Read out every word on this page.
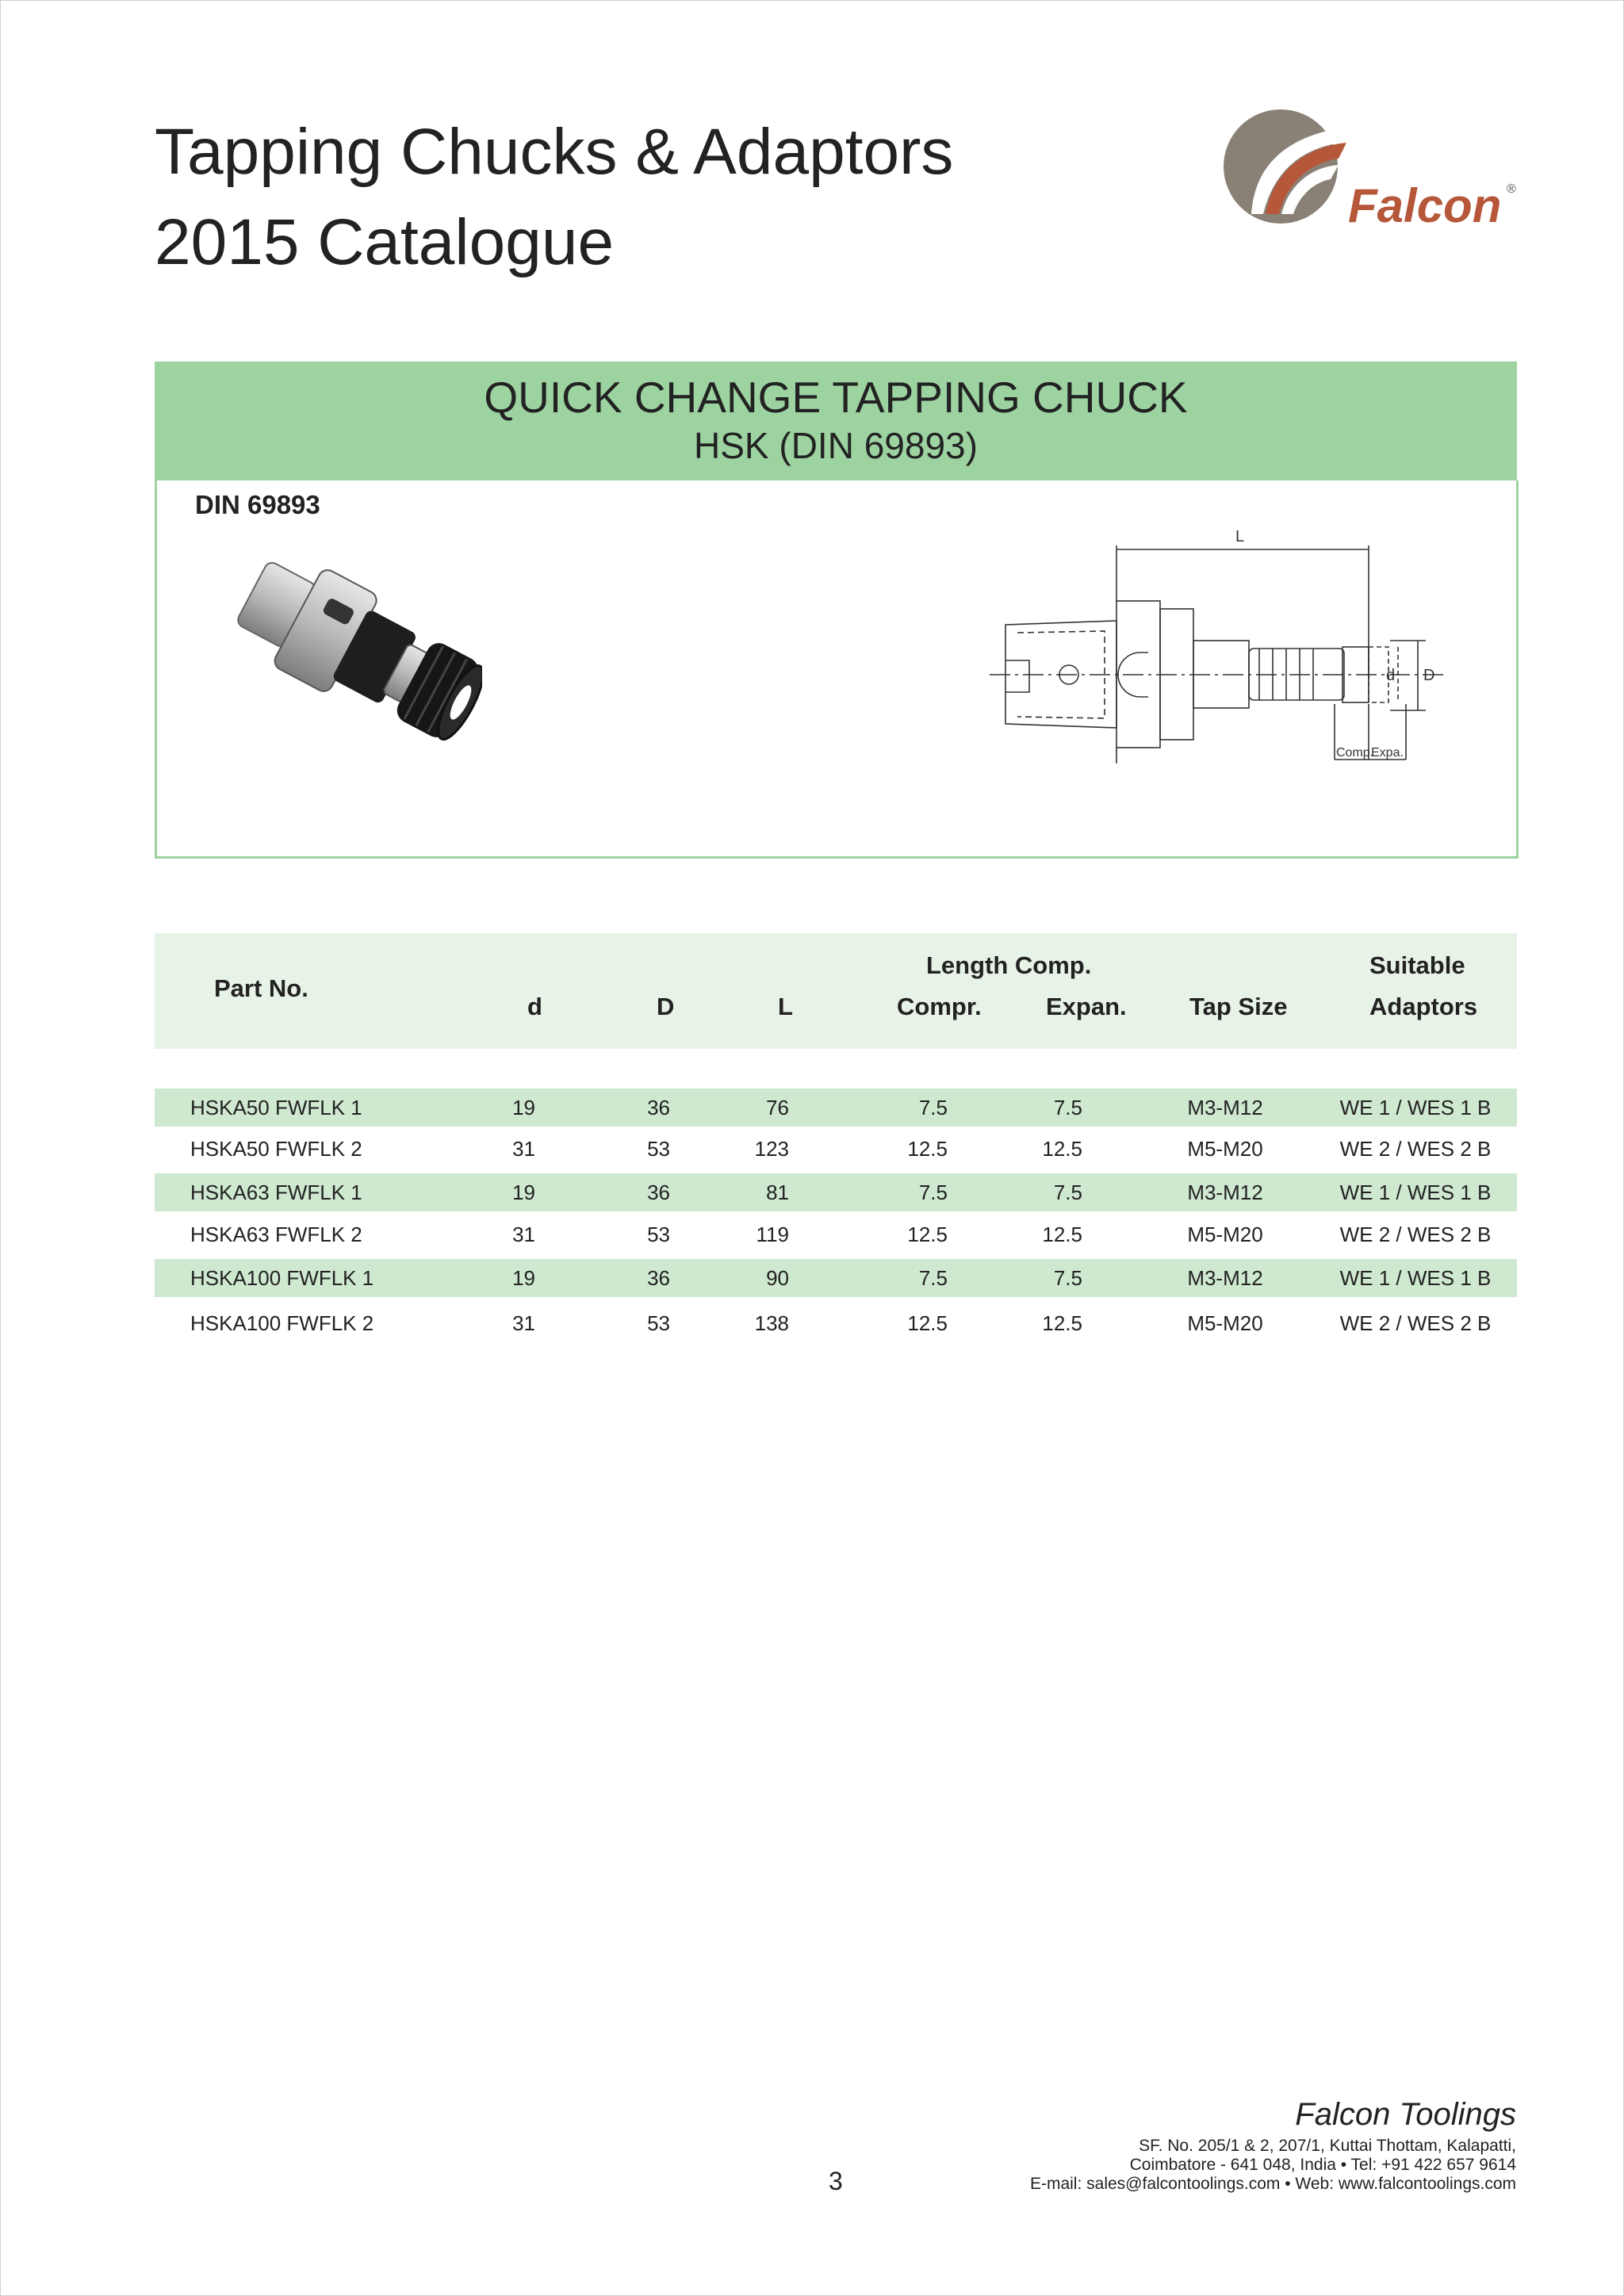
Tapping Chucks & Adaptors
2015 Catalogue
Falcon ®
QUICK CHANGE TAPPING CHUCK
HSK (DIN 69893)
DIN 69893
L
d D
Comp.
Expa.
Part No.
d	D	L
Length Comp.
Compr.	Expan.	Tap Size
Suitable
Adaptors
HSKA50 FWFLK 1	19	36	76	7.5	7.5	M3-M12	WE 1 / WES 1 B
HSKA50 FWFLK 2	31	53	123	12.5	12.5	M5-M20	WE 2 / WES 2 B
HSKA63 FWFLK 1	19	36	81	7.5	7.5	M3-M12	WE 1 / WES 1 B
HSKA63 FWFLK 2	31	53	119	12.5	12.5	M5-M20	WE 2 / WES 2 B
HSKA100 FWFLK 1	19	36	90	7.5	7.5	M3-M12	WE 1 / WES 1 B
HSKA100 FWFLK 2	31	53	138	12.5	12.5	M5-M20	WE 2 / WES 2 B
Falcon Toolings
SF. No. 205/1 & 2, 207/1, Kuttai Thottam, Kalapatti,
Coimbatore - 641 048, India • Tel: +91 422 657 9614
E-mail: sales@falcontoolings.com • Web: www.falcontoolings.com
3
